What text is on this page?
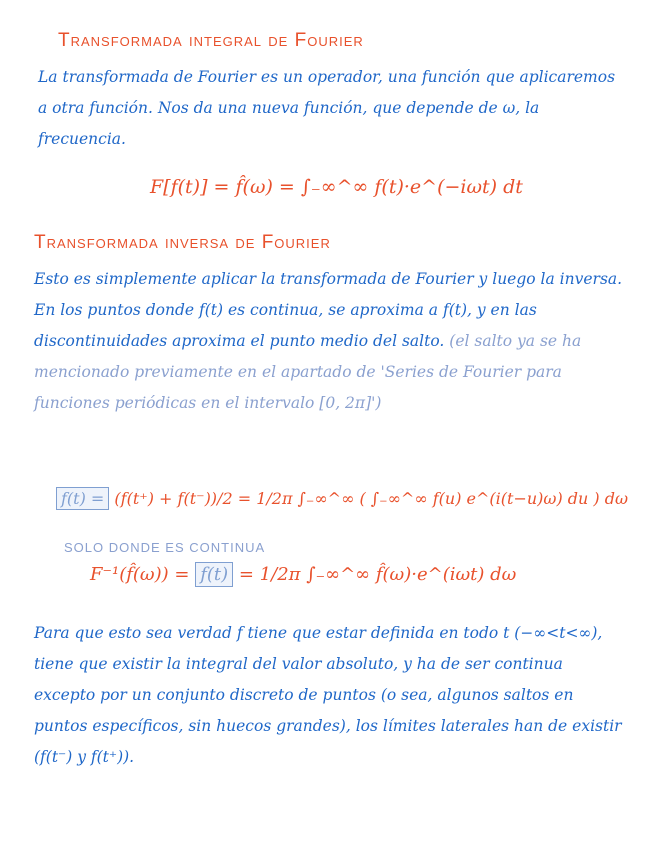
Transformada integral de Fourier

La transformada de Fourier es un operador, una función que aplicaremos a otra función. Nos da una nueva función, que depende de ω, la frecuencia.

F[f(t)] = f̂(ω) = ∫₋∞^∞ f(t)·e^(−iωt) dt
Transformada inversa de Fourier

Esto es simplemente aplicar la transformada de Fourier y luego la inversa. En los puntos donde f(t) es continua, se aproxima a f(t), y en las discontinuidades aproxima el punto medio del salto. (el salto ya se ha mencionado previamente en el apartado de 'Series de Fourier para funciones periódicas en el intervalo [0, 2π]')

f(t) = (f(t⁺) + f(t⁻))/2 = 1/2π ∫₋∞^∞ ( ∫₋∞^∞ f(u) e^(i(t−u)ω) du ) dω
SOLO DONDE ES CONTINUA
F⁻¹(f̂(ω)) = f(t) = 1/2π ∫₋∞^∞ f̂(ω)·e^(iωt) dω

Para que esto sea verdad f tiene que estar definida en todo t (−∞<t<∞), tiene que existir la integral del valor absoluto, y ha de ser continua excepto por un conjunto discreto de puntos (o sea, algunos saltos en puntos específicos, sin huecos grandes), los límites laterales han de existir (f(t⁻) y f(t⁺)).
